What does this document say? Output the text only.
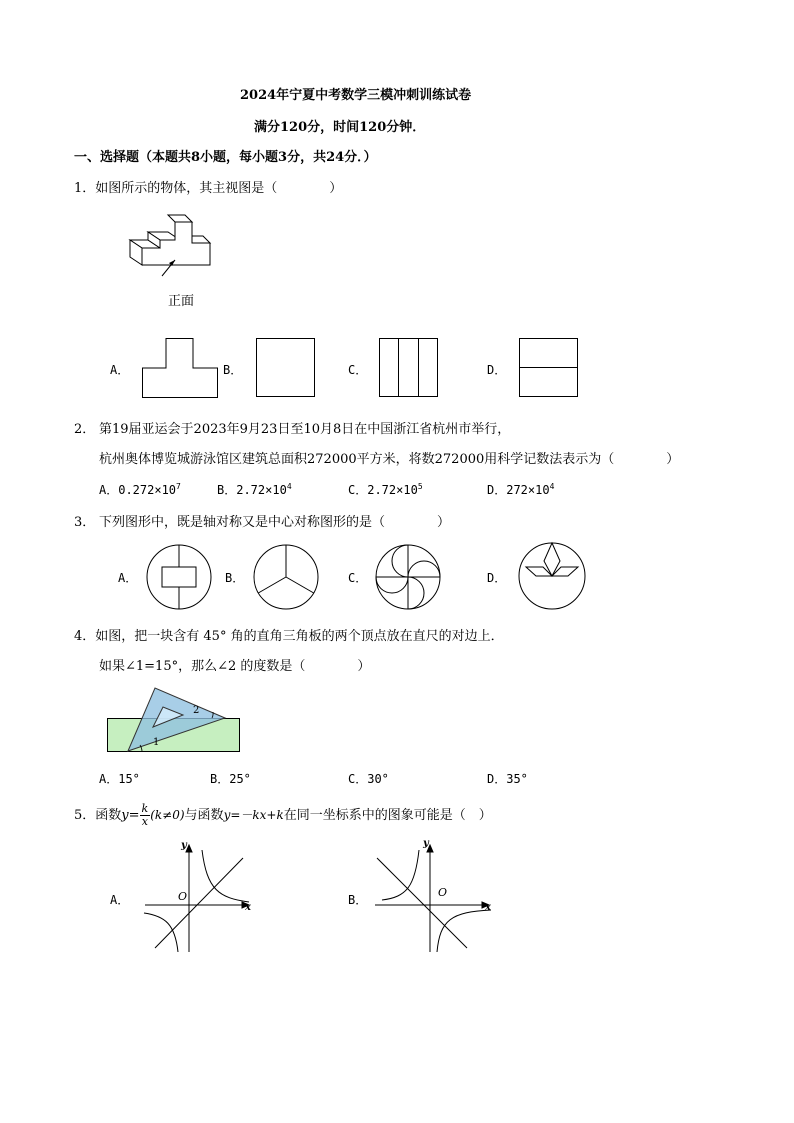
2024年宁夏中考数学三模冲刺训练试卷
满分120分，时间120分钟．
一、选择题（本题共8小题，每小题3分，共24分．）
1．如图所示的物体，其主视图是（　　　　）
正面
A．	B．	C．	D．
2． 第19届亚运会于2023年9月23日至10月8日在中国浙江省杭州市举行，
杭州奥体博览城游泳馆区建筑总面积272000平方米，将数272000用科学记数法表示为（　　　　）
A．$0.272\times 10^7$	B．$2.72\times 10^4$	C．$2.72\times 10^5$	D．$272\times 10^4$
3． 下列图形中，既是轴对称又是中心对称图形的是（　　　　）
A．	B．	C．	D．
4．如图，把一块含有 45° 角的直角三角板的两个顶点放在直尺的对边上．
如果∠1=15°，那么∠2 的度数是（　　　　）
1
2
A．15°	B．25°	C．30°	D．35°
5．函数$y= \frac{k}{x} (k\ne 0)$与函数y=－kx+k在同一坐标系中的图象可能是（　）
A．
y
x
O	B．
y
x
O
